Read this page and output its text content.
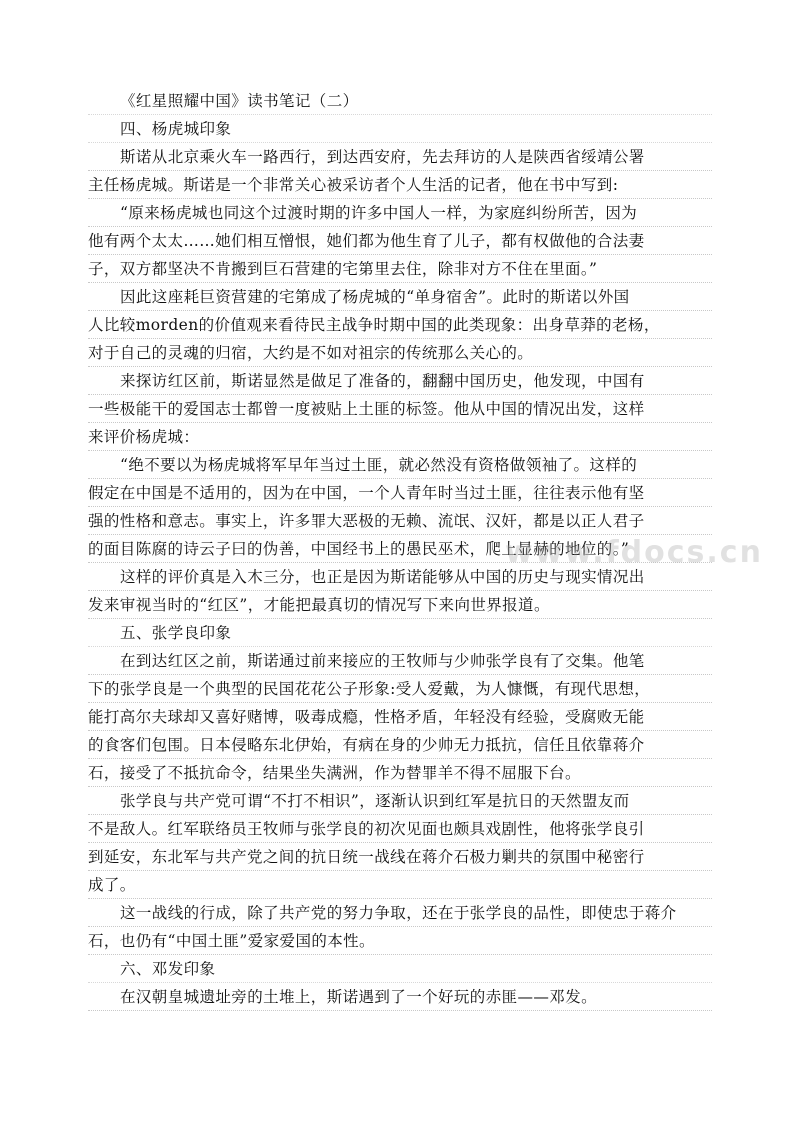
《红星照耀中国》读书笔记（二）
四、杨虎城印象
斯诺从北京乘火车一路西行，到达西安府，先去拜访的人是陕西省绥靖公署
主任杨虎城。斯诺是一个非常关心被采访者个人生活的记者，他在书中写到:
“原来杨虎城也同这个过渡时期的许多中国人一样，为家庭纠纷所苦，因为
他有两个太太……她们相互憎恨，她们都为他生育了儿子，都有权做他的合法妻
子，双方都坚决不肯搬到巨石营建的宅第里去住，除非对方不住在里面。”
因此这座耗巨资营建的宅第成了杨虎城的“单身宿舍”。此时的斯诺以外国
人比较morden的价值观来看待民主战争时期中国的此类现象：出身草莽的老杨，
对于自己的灵魂的归宿，大约是不如对祖宗的传统那么关心的。
来探访红区前，斯诺显然是做足了准备的，翻翻中国历史，他发现，中国有
一些极能干的爱国志士都曾一度被贴上土匪的标签。他从中国的情况出发，这样
来评价杨虎城：
“绝不要以为杨虎城将军早年当过土匪，就必然没有资格做领袖了。这样的
假定在中国是不适用的，因为在中国，一个人青年时当过土匪，往往表示他有坚
强的性格和意志。事实上，许多罪大恶极的无赖、流氓、汉奸，都是以正人君子
的面目陈腐的诗云子曰的伪善，中国经书上的愚民巫术，爬上显赫的地位的。”
这样的评价真是入木三分，也正是因为斯诺能够从中国的历史与现实情况出
发来审视当时的“红区”，才能把最真切的情况写下来向世界报道。
五、张学良印象
在到达红区之前，斯诺通过前来接应的王牧师与少帅张学良有了交集。他笔
下的张学良是一个典型的民国花花公子形象:受人爱戴，为人慷慨，有现代思想，
能打高尔夫球却又喜好赌博，吸毒成瘾，性格矛盾，年轻没有经验，受腐败无能
的食客们包围。日本侵略东北伊始，有病在身的少帅无力抵抗，信任且依靠蒋介
石，接受了不抵抗命令，结果坐失满洲，作为替罪羊不得不屈服下台。
张学良与共产党可谓“不打不相识”，逐渐认识到红军是抗日的天然盟友而
不是敌人。红军联络员王牧师与张学良的初次见面也颇具戏剧性，他将张学良引
到延安，东北军与共产党之间的抗日统一战线在蒋介石极力剿共的氛围中秘密行
成了。
这一战线的行成，除了共产党的努力争取，还在于张学良的品性，即使忠于蒋介
石，也仍有“中国土匪”爱家爱国的本性。
六、邓发印象
在汉朝皇城遗址旁的土堆上，斯诺遇到了一个好玩的赤匪——邓发。
www.fdocs.cn
